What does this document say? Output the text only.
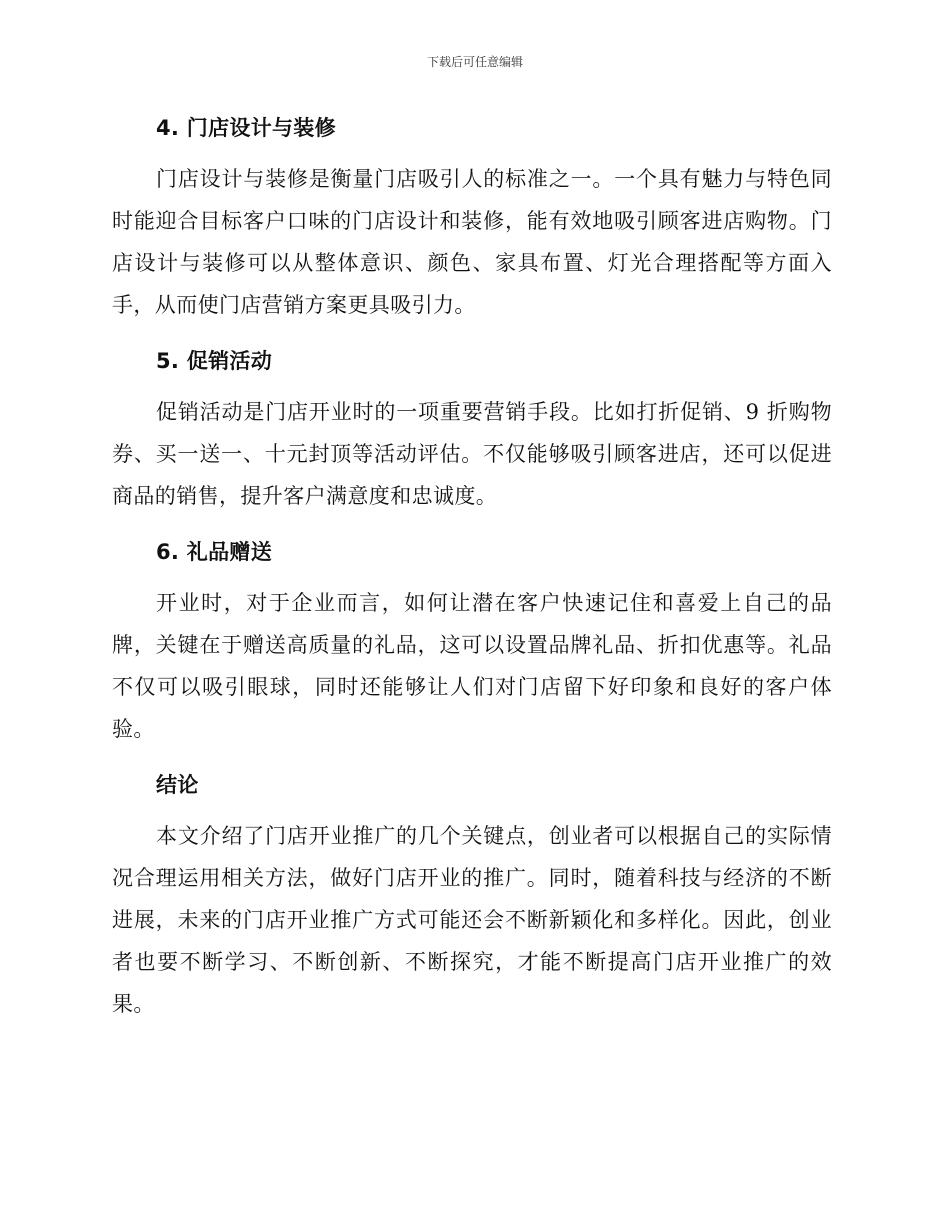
下载后可任意编辑
4. 门店设计与装修

门店设计与装修是衡量门店吸引人的标准之一。一个具有魅力与特色同时能迎合目标客户口味的门店设计和装修，能有效地吸引顾客进店购物。门店设计与装修可以从整体意识、颜色、家具布置、灯光合理搭配等方面入手，从而使门店营销方案更具吸引力。

5. 促销活动

促销活动是门店开业时的一项重要营销手段。比如打折促销、9 折购物券、买一送一、十元封顶等活动评估。不仅能够吸引顾客进店，还可以促进商品的销售，提升客户满意度和忠诚度。

6. 礼品赠送

开业时，对于企业而言，如何让潜在客户快速记住和喜爱上自己的品牌，关键在于赠送高质量的礼品，这可以设置品牌礼品、折扣优惠等。礼品不仅可以吸引眼球，同时还能够让人们对门店留下好印象和良好的客户体验。

结论

本文介绍了门店开业推广的几个关键点，创业者可以根据自己的实际情况合理运用相关方法，做好门店开业的推广。同时，随着科技与经济的不断进展，未来的门店开业推广方式可能还会不断新颖化和多样化。因此，创业者也要不断学习、不断创新、不断探究，才能不断提高门店开业推广的效果。
